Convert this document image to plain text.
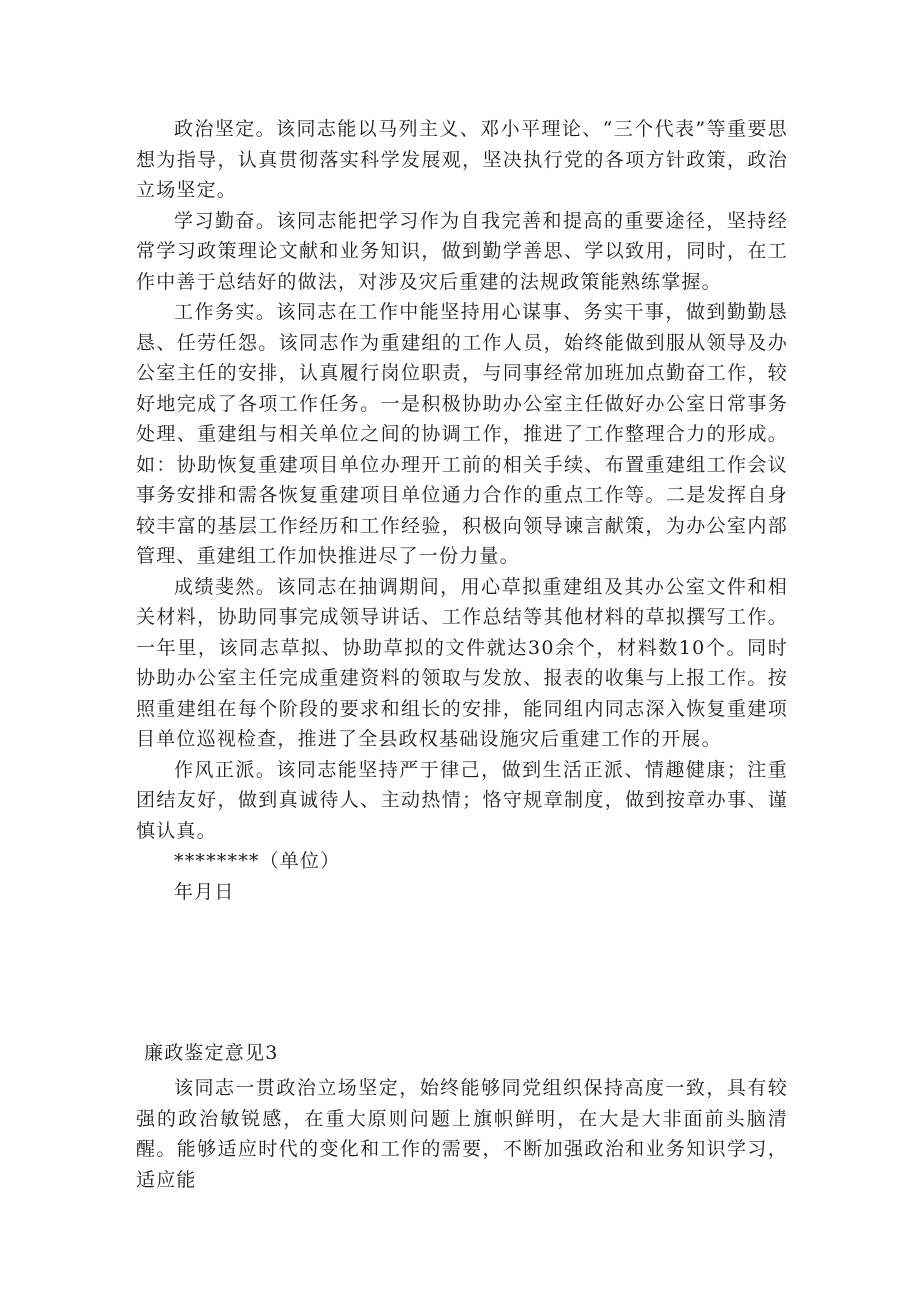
政治坚定。该同志能以马列主义、邓小平理论、“三个代表”等重要思想为指导，认真贯彻落实科学发展观，坚决执行党的各项方针政策，政治立场坚定。

学习勤奋。该同志能把学习作为自我完善和提高的重要途径，坚持经常学习政策理论文献和业务知识，做到勤学善思、学以致用，同时，在工作中善于总结好的做法，对涉及灾后重建的法规政策能熟练掌握。

工作务实。该同志在工作中能坚持用心谋事、务实干事，做到勤勤恳恳、任劳任怨。该同志作为重建组的工作人员，始终能做到服从领导及办公室主任的安排，认真履行岗位职责，与同事经常加班加点勤奋工作，较好地完成了各项工作任务。一是积极协助办公室主任做好办公室日常事务处理、重建组与相关单位之间的协调工作，推进了工作整理合力的形成。如：协助恢复重建项目单位办理开工前的相关手续、布置重建组工作会议事务安排和需各恢复重建项目单位通力合作的重点工作等。二是发挥自身较丰富的基层工作经历和工作经验，积极向领导谏言献策，为办公室内部管理、重建组工作加快推进尽了一份力量。

成绩斐然。该同志在抽调期间，用心草拟重建组及其办公室文件和相关材料，协助同事完成领导讲话、工作总结等其他材料的草拟撰写工作。一年里，该同志草拟、协助草拟的文件就达30余个，材料数10个。同时协助办公室主任完成重建资料的领取与发放、报表的收集与上报工作。按照重建组在每个阶段的要求和组长的安排，能同组内同志深入恢复重建项目单位巡视检查，推进了全县政权基础设施灾后重建工作的开展。

作风正派。该同志能坚持严于律己，做到生活正派、情趣健康；注重团结友好，做到真诚待人、主动热情；恪守规章制度，做到按章办事、谨慎认真。

********（单位）

年月日

廉政鉴定意见3

该同志一贯政治立场坚定，始终能够同党组织保持高度一致，具有较强的政治敏锐感，在重大原则问题上旗帜鲜明，在大是大非面前头脑清醒。能够适应时代的变化和工作的需要，不断加强政治和业务知识学习，适应能
